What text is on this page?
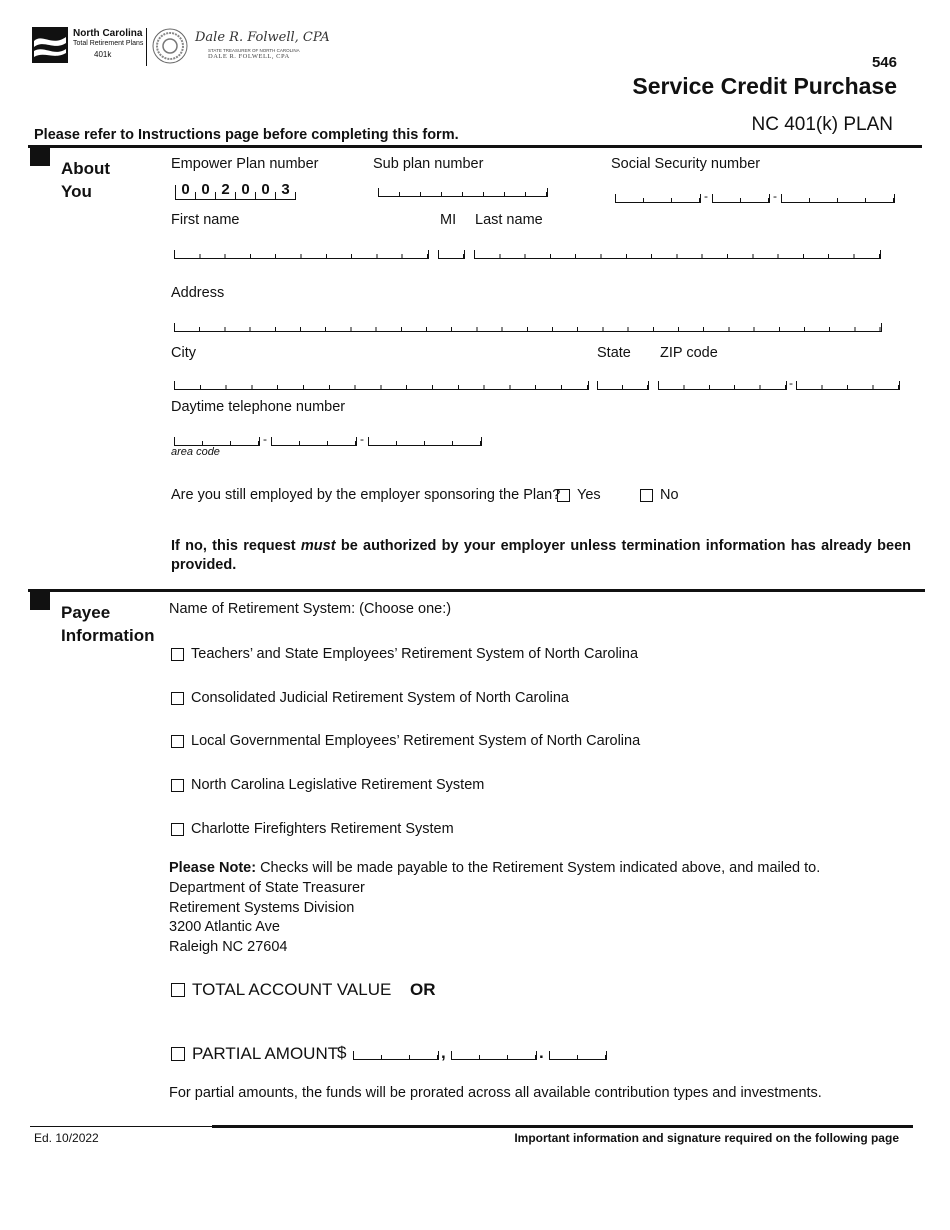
North Carolina
Total Retirement Plans
401k
Dale R. Folwell, CPA
STATE TREASURER OF NORTH CAROLINA
DALE R. FOLWELL, CPA	546
Service Credit Purchase
NC 401(k) PLAN
Please refer to Instructions page before completing this form.
About
You
Empower Plan number
0 0 2 0 0 3
Sub plan number	Social Security number
-	-
First name	MI Last name
Address
City	State ZIP code
-
Daytime telephone number
-	-
area code
Are you still employed by the employer sponsoring the Plan? Yes	No
If no, this request must be authorized by your employer unless termination information has already been provided.
Payee
Information
Name of Retirement System: (Choose one:)
Teachers’ and State Employees’ Retirement System of North Carolina
Consolidated Judicial Retirement System of North Carolina
Local Governmental Employees’ Retirement System of North Carolina
North Carolina Legislative Retirement System
Charlotte Firefighters Retirement System
Please Note: Checks will be made payable to the Retirement System indicated above, and mailed to.
Department of State Treasurer
Retirement Systems Division
3200 Atlantic Ave
Raleigh NC 27604
TOTAL ACCOUNT VALUE OR
PARTIAL AMOUNT
$	,	.
For partial amounts, the funds will be prorated across all available contribution types and investments.
Ed. 10/2022	Important information and signature required on the following page
